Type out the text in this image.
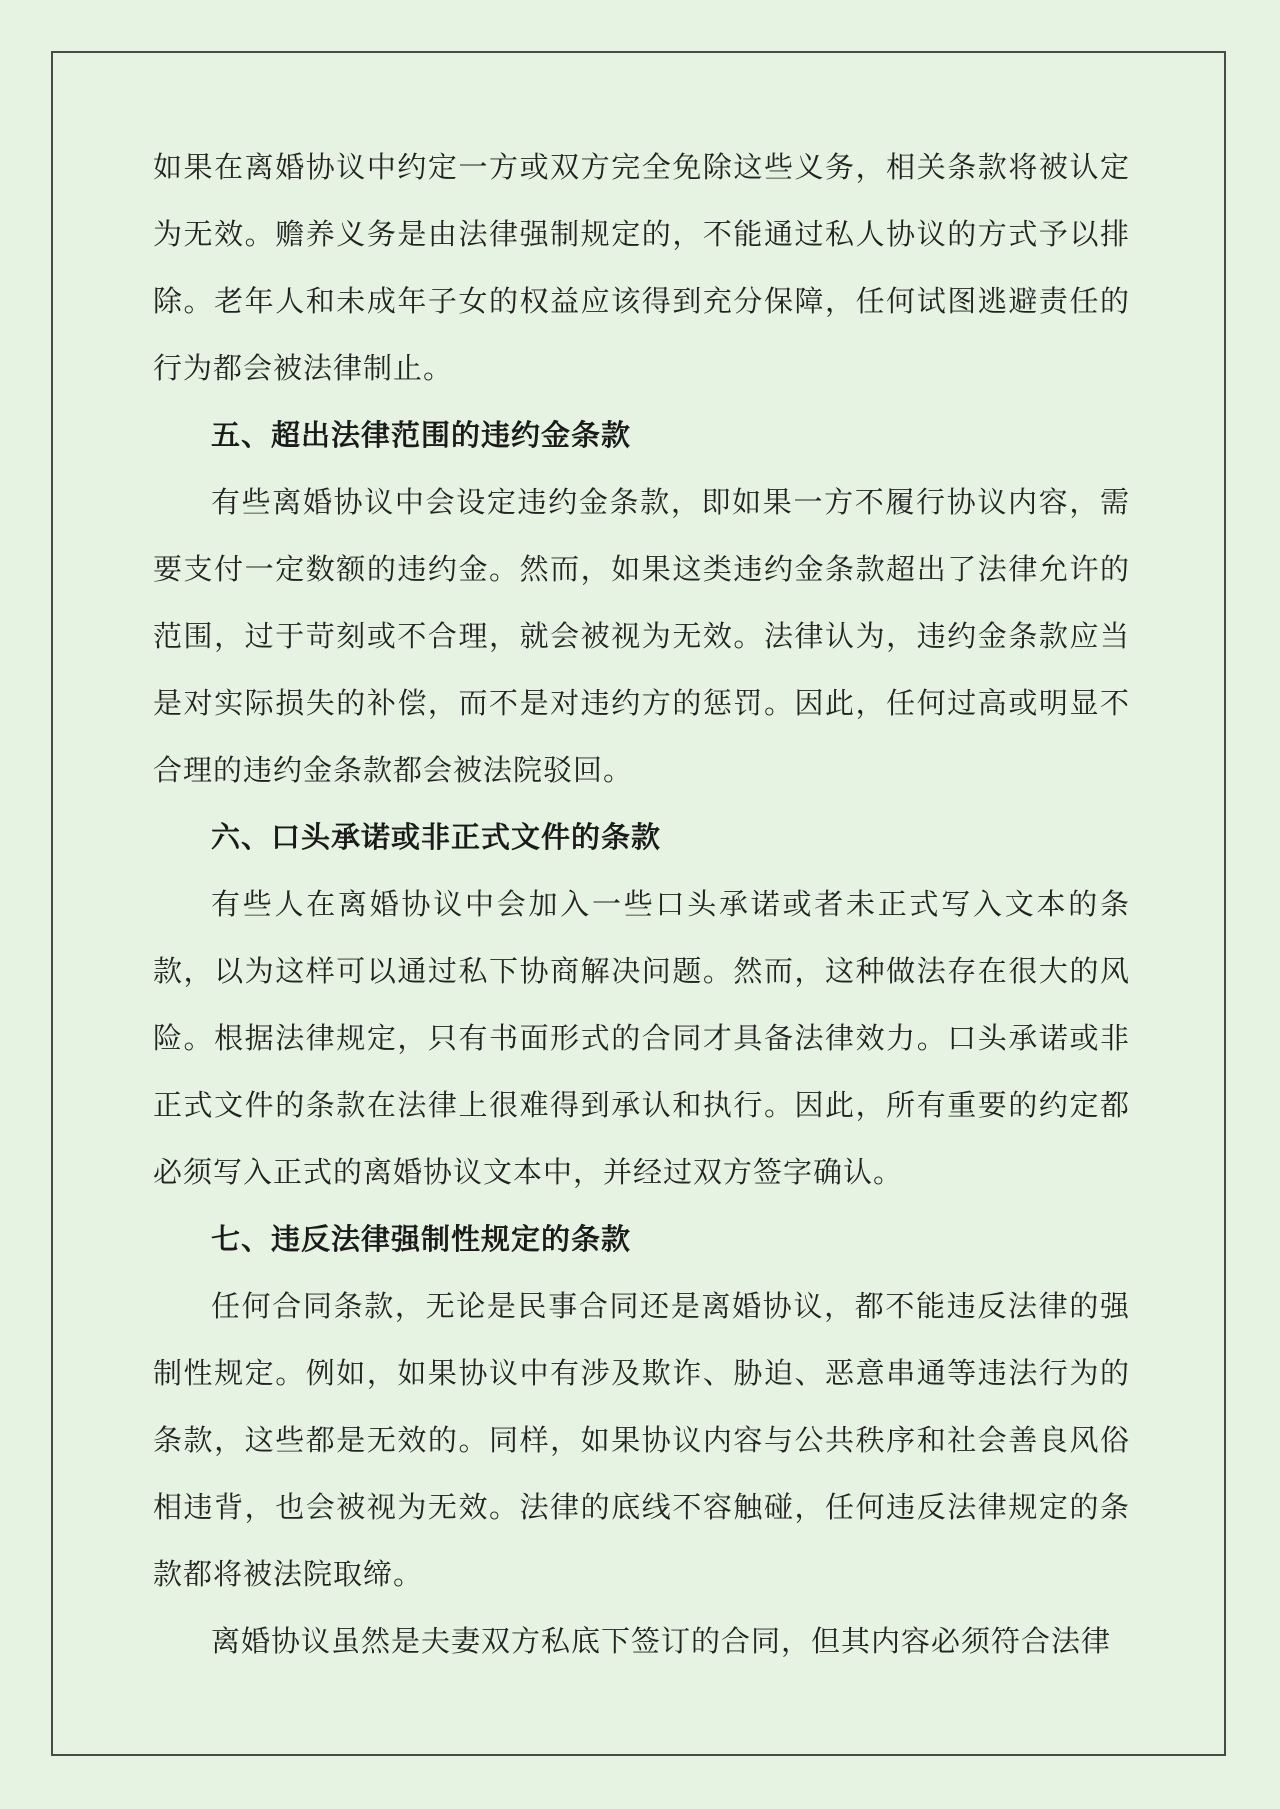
如果在离婚协议中约定一方或双方完全免除这些义务，相关条款将被认定为无效。赡养义务是由法律强制规定的，不能通过私人协议的方式予以排除。老年人和未成年子女的权益应该得到充分保障，任何试图逃避责任的行为都会被法律制止。

五、超出法律范围的违约金条款

有些离婚协议中会设定违约金条款，即如果一方不履行协议内容，需要支付一定数额的违约金。然而，如果这类违约金条款超出了法律允许的范围，过于苛刻或不合理，就会被视为无效。法律认为，违约金条款应当是对实际损失的补偿，而不是对违约方的惩罚。因此，任何过高或明显不合理的违约金条款都会被法院驳回。

六、口头承诺或非正式文件的条款

有些人在离婚协议中会加入一些口头承诺或者未正式写入文本的条款，以为这样可以通过私下协商解决问题。然而，这种做法存在很大的风险。根据法律规定，只有书面形式的合同才具备法律效力。口头承诺或非正式文件的条款在法律上很难得到承认和执行。因此，所有重要的约定都必须写入正式的离婚协议文本中，并经过双方签字确认。

七、违反法律强制性规定的条款

任何合同条款，无论是民事合同还是离婚协议，都不能违反法律的强制性规定。例如，如果协议中有涉及欺诈、胁迫、恶意串通等违法行为的条款，这些都是无效的。同样，如果协议内容与公共秩序和社会善良风俗相违背，也会被视为无效。法律的底线不容触碰，任何违反法律规定的条款都将被法院取缔。

离婚协议虽然是夫妻双方私底下签订的合同，但其内容必须符合法律
